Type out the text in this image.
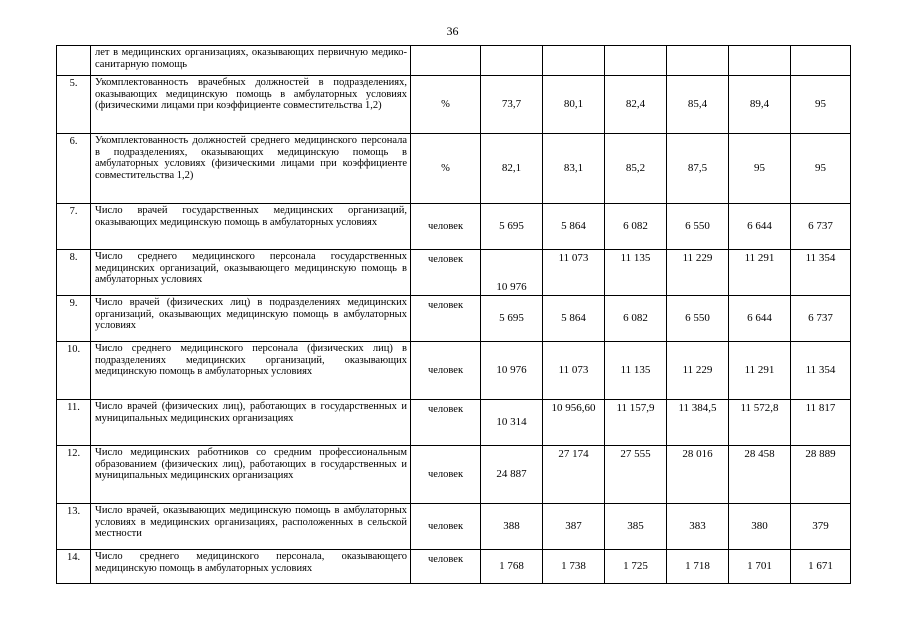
36
	лет в медицинских организациях, оказывающих первичную медико-санитарную помощь							
5.	Укомплектованность врачебных должностей в подразделениях, оказывающих медицинскую помощь в амбулаторных условиях (физическими лицами при коэффициенте совместительства 1,2)	%	73,7	80,1	82,4	85,4	89,4	95
6.	Укомплектованность должностей среднего медицинского персонала в подразделениях, оказывающих медицинскую помощь в амбулаторных условиях (физическими лицами при коэффициенте совместительства 1,2)	%	82,1	83,1	85,2	87,5	95	95
7.	Число врачей государственных медицинских организаций, оказывающих медицинскую помощь в амбулаторных условиях	человек	5 695	5 864	6 082	6 550	6 644	6 737
8.	Число среднего медицинского персонала государственных медицинских организаций, оказывающего медицинскую помощь в амбулаторных условиях	человек	10 976	11 073	11 135	11 229	11 291	11 354
9.	Число врачей (физических лиц) в подразделениях медицинских организаций, оказывающих медицинскую помощь в амбулаторных условиях	человек	5 695	5 864	6 082	6 550	6 644	6 737
10.	Число среднего медицинского персонала (физических лиц) в подразделениях медицинских организаций, оказывающих медицинскую помощь в амбулаторных условиях	человек	10 976	11 073	11 135	11 229	11 291	11 354
11.	Число врачей (физических лиц), работающих в государственных и муниципальных медицинских организациях	человек	10 314	10 956,60	11 157,9	11 384,5	11 572,8	11 817
12.	Число медицинских работников со средним профессиональным образованием (физических лиц), работающих в государственных и муниципальных медицинских организациях	человек	24 887	27 174	27 555	28 016	28 458	28 889
13.	Число врачей, оказывающих медицинскую помощь в амбулаторных условиях в медицинских организациях, расположенных в сельской местности	человек	388	387	385	383	380	379
14.	Число среднего медицинского персонала, оказывающего медицинскую помощь в амбулаторных условиях	человек	1 768	1 738	1 725	1 718	1 701	1 671
